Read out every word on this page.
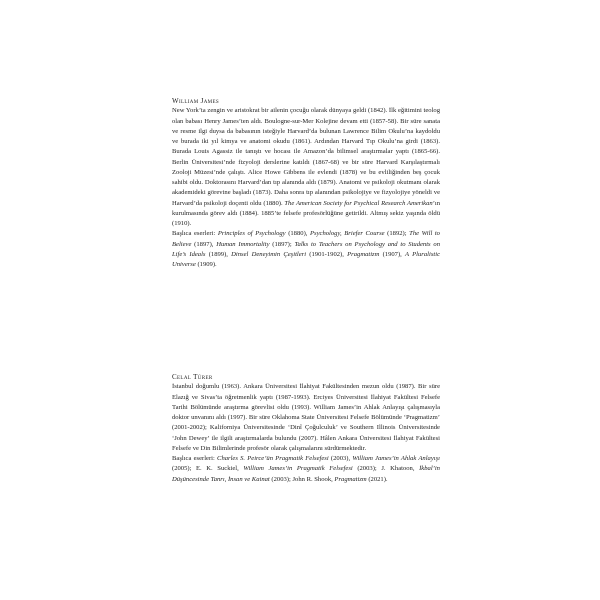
William James

New York’ta zengin ve aristokrat bir ailenin çocuğu olarak dünyaya geldi (1842). İlk eğitimini teolog olan babası Henry James’ten aldı. Boulogne-sur-Mer Kolejine devam etti (1857-58). Bir süre sanata ve resme ilgi duysa da babasının isteğiyle Harvard’da bulunan Lawrence Bilim Okulu’na kaydoldu ve burada iki yıl kimya ve anatomi okudu (1861). Ardından Harvard Tıp Okulu’na girdi (1863). Burada Louis Agassiz ile tanıştı ve hocası ile Amazon’da bilimsel araştırmalar yaptı (1865-66). Berlin Üniversitesi’nde fizyoloji derslerine katıldı (1867-68) ve bir süre Harvard Karşılaştırmalı Zooloji Müzesi’nde çalıştı. Alice Howe Gibbens ile evlendi (1878) ve bu evliliğinden beş çocuk sahibi oldu. Doktorasını Harvard’dan tıp alanında aldı (1879). Anatomi ve psikoloji okutmanı olarak akademideki görevine başladı (1873). Daha sonra tıp alanından psikolojiye ve fizyolojiye yöneldi ve Harvard’da psikoloji doçenti oldu (1880). The American Society for Psychical Research Amerikan’ın kurulmasında görev aldı (1884). 1885’te felsefe profesörlüğüne getirildi. Altmış sekiz yaşında öldü (1910).

Başlıca eserleri: Principles of Psychology (1880), Psychology, Briefer Course (1892); The Will to Believe (1897), Human Immortality (1897); Talks to Teachers on Psychology and to Students on Life’s Ideals (1899), Dinsel Deneyimin Çeşitleri (1901-1902), Pragmatizm (1907), A Pluralistic Universe (1909).

Celal Türer

İstanbul doğumlu (1963). Ankara Üniversitesi İlahiyat Fakültesinden mezun oldu (1987). Bir süre Elazığ ve Sivas’ta öğretmenlik yaptı (1987-1993). Erciyes Üniversitesi İlahiyat Fakültesi Felsefe Tarihi Bölümünde araştırma görevlisi oldu (1993). William James’in Ahlak Anlayışı çalışmasıyla doktor unvanını aldı (1997). Bir süre Oklahoma State Üniversitesi Felsefe Bölümünde ‘Pragmatizm’ (2001-2002); Kaliforniya Üniversitesinde ‘Dinî Çoğulculuk’ ve Southern Illinois Üniversitesinde ‘John Dewey’ ile ilgili araştırmalarda bulundu (2007). Hâlen Ankara Üniversitesi İlahiyat Fakültesi Felsefe ve Din Bilimlerinde profesör olarak çalışmalarını sürdürmektedir.

Başlıca eserleri: Charles S. Peirce’ün Pragmatik Felsefesi (2003), William James’in Ahlak Anlayışı (2005); E. K. Suckiel, William James’in Pragmatik Felsefesi (2003); J. Khatoon, İkbal’in Düşüncesinde Tanrı, İnsan ve Kainat (2003); John R. Shook, Pragmatizm (2021).
